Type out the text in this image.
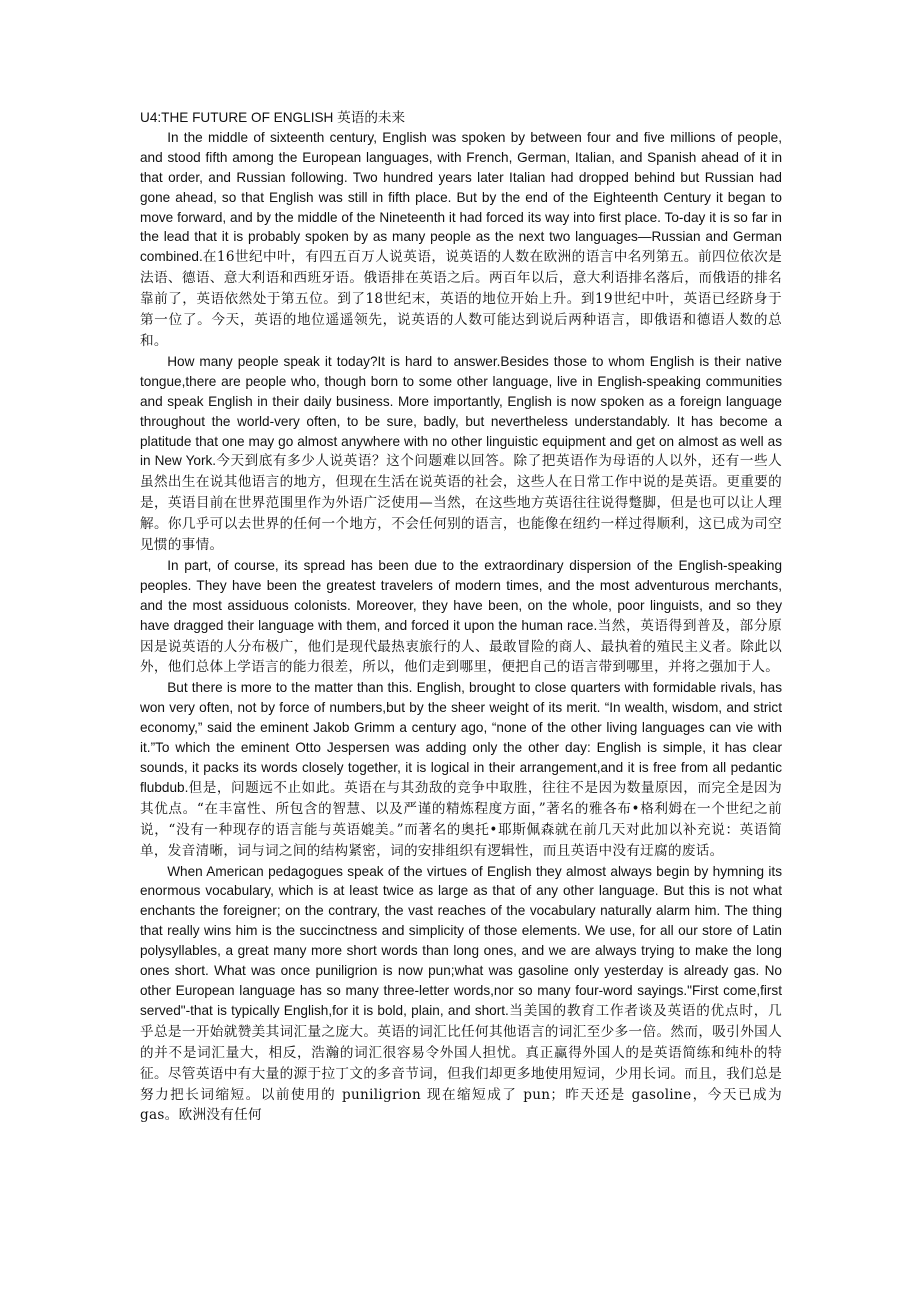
U4:THE FUTURE OF ENGLISH 英语的未来

In the middle of sixteenth century, English was spoken by between four and five millions of people, and stood fifth among the European languages, with French, German, Italian, and Spanish ahead of it in that order, and Russian following. Two hundred years later Italian had dropped behind but Russian had gone ahead, so that English was still in fifth place. But by the end of the Eighteenth Century it began to move forward, and by the middle of the Nineteenth it had forced its way into first place. To-day it is so far in the lead that it is probably spoken by as many people as the next two languages—Russian and German combined.在16世纪中叶，有四五百万人说英语，说英语的人数在欧洲的语言中名列第五。前四位依次是法语、德语、意大利语和西班牙语。俄语排在英语之后。两百年以后，意大利语排名落后，而俄语的排名靠前了，英语依然处于第五位。到了18世纪末，英语的地位开始上升。到19世纪中叶，英语已经跻身于第一位了。今天，英语的地位遥遥领先，说英语的人数可能达到说后两种语言，即俄语和德语人数的总和。

How many people speak it today?It is hard to answer.Besides those to whom English is their native tongue,there are people who, though born to some other language, live in English-speaking communities and speak English in their daily business. More importantly, English is now spoken as a foreign language throughout the world-very often, to be sure, badly, but nevertheless understandably. It has become a platitude that one may go almost anywhere with no other linguistic equipment and get on almost as well as in New York.今天到底有多少人说英语？这个问题难以回答。除了把英语作为母语的人以外，还有一些人虽然出生在说其他语言的地方，但现在生活在说英语的社会，这些人在日常工作中说的是英语。更重要的是，英语目前在世界范围里作为外语广泛使用—当然，在这些地方英语往往说得蹩脚，但是也可以让人理解。你几乎可以去世界的任何一个地方，不会任何别的语言，也能像在纽约一样过得顺利，这已成为司空见惯的事情。

In part, of course, its spread has been due to the extraordinary dispersion of the English-speaking peoples. They have been the greatest travelers of modern times, and the most adventurous merchants, and the most assiduous colonists. Moreover, they have been, on the whole, poor linguists, and so they have dragged their language with them, and forced it upon the human race.当然，英语得到普及，部分原因是说英语的人分布极广，他们是现代最热衷旅行的人、最敢冒险的商人、最执着的殖民主义者。除此以外，他们总体上学语言的能力很差，所以，他们走到哪里，便把自己的语言带到哪里，并将之强加于人。

But there is more to the matter than this. English, brought to close quarters with formidable rivals, has won very often, not by force of numbers,but by the sheer weight of its merit. “In wealth, wisdom, and strict economy,” said the eminent Jakob Grimm a century ago, “none of the other living languages can vie with it.”To which the eminent Otto Jespersen was adding only the other day: English is simple, it has clear sounds, it packs its words closely together, it is logical in their arrangement,and it is free from all pedantic flubdub.但是，问题远不止如此。英语在与其劲敌的竞争中取胜，往往不是因为数量原因，而完全是因为其优点。“在丰富性、所包含的智慧、以及严谨的精炼程度方面，”著名的雅各布•格利姆在一个世纪之前说，“没有一种现存的语言能与英语媲美。”而著名的奥托•耶斯佩森就在前几天对此加以补充说：英语简单，发音清晰，词与词之间的结构紧密，词的安排组织有逻辑性，而且英语中没有迂腐的废话。

When American pedagogues speak of the virtues of English they almost always begin by hymning its enormous vocabulary, which is at least twice as large as that of any other language. But this is not what enchants the foreigner; on the contrary, the vast reaches of the vocabulary naturally alarm him. The thing that really wins him is the succinctness and simplicity of those elements. We use, for all our store of Latin polysyllables, a great many more short words than long ones, and we are always trying to make the long ones short. What was once puniligrion is now pun;what was gasoline only yesterday is already gas. No other European language has so many three-letter words,nor so many four-word sayings."First come,first served"-that is typically English,for it is bold, plain, and short.当美国的教育工作者谈及英语的优点时，几乎总是一开始就赞美其词汇量之庞大。英语的词汇比任何其他语言的词汇至少多一倍。然而，吸引外国人的并不是词汇量大，相反，浩瀚的词汇很容易令外国人担忧。真正赢得外国人的是英语简练和纯朴的特征。尽管英语中有大量的源于拉丁文的多音节词，但我们却更多地使用短词，少用长词。而且，我们总是努力把长词缩短。以前使用的 puniligrion 现在缩短成了 pun；昨天还是 gasoline，今天已成为 gas。欧洲没有任何
